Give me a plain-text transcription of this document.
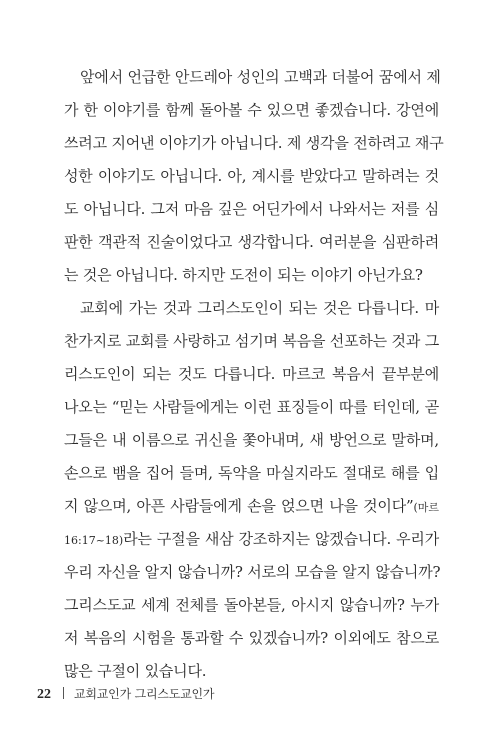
앞에서 언급한 안드레아 성인의 고백과 더불어 꿈에서 제
가 한 이야기를 함께 돌아볼 수 있으면 좋겠습니다. 강연에
쓰려고 지어낸 이야기가 아닙니다. 제 생각을 전하려고 재구
성한 이야기도 아닙니다. 아, 계시를 받았다고 말하려는 것
도 아닙니다. 그저 마음 깊은 어딘가에서 나와서는 저를 심
판한 객관적 진술이었다고 생각합니다. 여러분을 심판하려
는 것은 아닙니다. 하지만 도전이 되는 이야기 아닌가요?
교회에 가는 것과 그리스도인이 되는 것은 다릅니다. 마
찬가지로 교회를 사랑하고 섬기며 복음을 선포하는 것과 그
리스도인이 되는 것도 다릅니다. 마르코 복음서 끝부분에
나오는 “믿는 사람들에게는 이런 표징들이 따를 터인데, 곧
그들은 내 이름으로 귀신을 쫓아내며, 새 방언으로 말하며,
손으로 뱀을 집어 들며, 독약을 마실지라도 절대로 해를 입
지 않으며, 아픈 사람들에게 손을 얹으면 나을 것이다”(마르
16:17~18)라는 구절을 새삼 강조하지는 않겠습니다. 우리가
우리 자신을 알지 않습니까? 서로의 모습을 알지 않습니까?
그리스도교 세계 전체를 돌아본들, 아시지 않습니까? 누가
저 복음의 시험을 통과할 수 있겠습니까? 이외에도 참으로
많은 구절이 있습니다.
22 교회교인가 그리스도교인가
